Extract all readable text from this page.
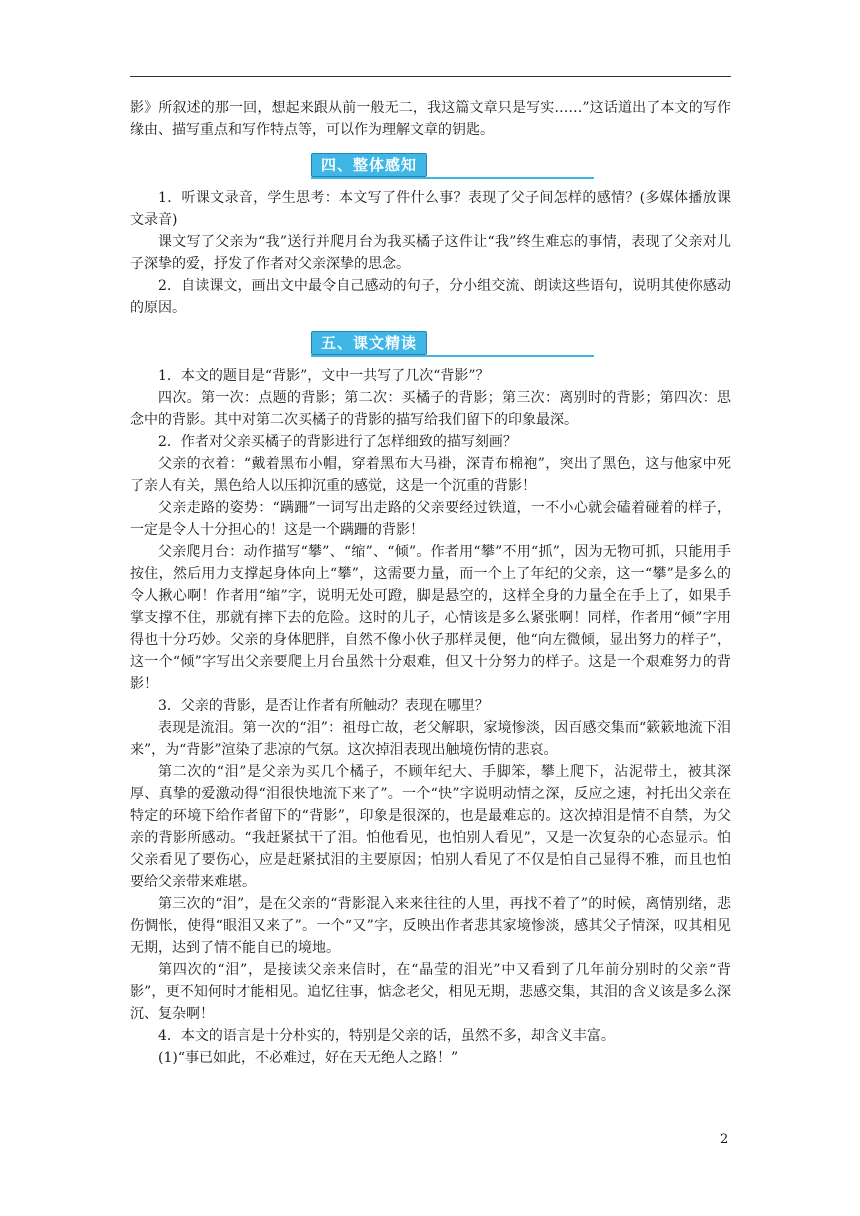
影》所叙述的那一回，想起来跟从前一般无二，我这篇文章只是写实……”这话道出了本文的写作缘由、描写重点和写作特点等，可以作为理解文章的钥匙。

四、整体感知

1．听课文录音，学生思考：本文写了件什么事？表现了父子间怎样的感情？(多媒体播放课文录音)

课文写了父亲为“我”送行并爬月台为我买橘子这件让“我”终生难忘的事情，表现了父亲对儿子深挚的爱，抒发了作者对父亲深挚的思念。

2．自读课文，画出文中最令自己感动的句子，分小组交流、朗读这些语句，说明其使你感动的原因。

五、课文精读

1．本文的题目是“背影”，文中一共写了几次“背影”？

四次。第一次：点题的背影；第二次：买橘子的背影；第三次：离别时的背影；第四次：思念中的背影。其中对第二次买橘子的背影的描写给我们留下的印象最深。

2．作者对父亲买橘子的背影进行了怎样细致的描写刻画？

父亲的衣着：“戴着黑布小帽，穿着黑布大马褂，深青布棉袍”，突出了黑色，这与他家中死了亲人有关，黑色给人以压抑沉重的感觉，这是一个沉重的背影！

父亲走路的姿势：“蹒跚”一词写出走路的父亲要经过铁道，一不小心就会磕着碰着的样子，一定是令人十分担心的！这是一个蹒跚的背影！

父亲爬月台：动作描写“攀”、“缩”、“倾”。作者用“攀”不用“抓”，因为无物可抓，只能用手按住，然后用力支撑起身体向上“攀”，这需要力量，而一个上了年纪的父亲，这一“攀”是多么的令人揪心啊！作者用“缩”字，说明无处可蹬，脚是悬空的，这样全身的力量全在手上了，如果手掌支撑不住，那就有摔下去的危险。这时的儿子，心情该是多么紧张啊！同样，作者用“倾”字用得也十分巧妙。父亲的身体肥胖，自然不像小伙子那样灵便，他“向左微倾，显出努力的样子”，这一个“倾”字写出父亲要爬上月台虽然十分艰难，但又十分努力的样子。这是一个艰难努力的背影！

3．父亲的背影，是否让作者有所触动？表现在哪里？

表现是流泪。第一次的“泪”：祖母亡故，老父解职，家境惨淡，因百感交集而“簌簌地流下泪来”，为“背影”渲染了悲凉的气氛。这次掉泪表现出触境伤情的悲哀。

第二次的“泪”是父亲为买几个橘子，不顾年纪大、手脚笨，攀上爬下，沾泥带土，被其深厚、真挚的爱激动得“泪很快地流下来了”。一个“快”字说明动情之深，反应之速，衬托出父亲在特定的环境下给作者留下的“背影”，印象是很深的，也是最难忘的。这次掉泪是情不自禁，为父亲的背影所感动。“我赶紧拭干了泪。怕他看见，也怕别人看见”，又是一次复杂的心态显示。怕父亲看见了要伤心，应是赶紧拭泪的主要原因；怕别人看见了不仅是怕自己显得不雅，而且也怕要给父亲带来难堪。

第三次的“泪”，是在父亲的“背影混入来来往往的人里，再找不着了”的时候，离情别绪，悲伤惆怅，使得“眼泪又来了”。一个“又”字，反映出作者悲其家境惨淡，感其父子情深，叹其相见无期，达到了情不能自已的境地。

第四次的“泪”，是接读父亲来信时，在“晶莹的泪光”中又看到了几年前分别时的父亲“背影”，更不知何时才能相见。追忆往事，惦念老父，相见无期，悲感交集，其泪的含义该是多么深沉、复杂啊！

4．本文的语言是十分朴实的，特别是父亲的话，虽然不多，却含义丰富。

(1)“事已如此，不必难过，好在天无绝人之路！”

2
